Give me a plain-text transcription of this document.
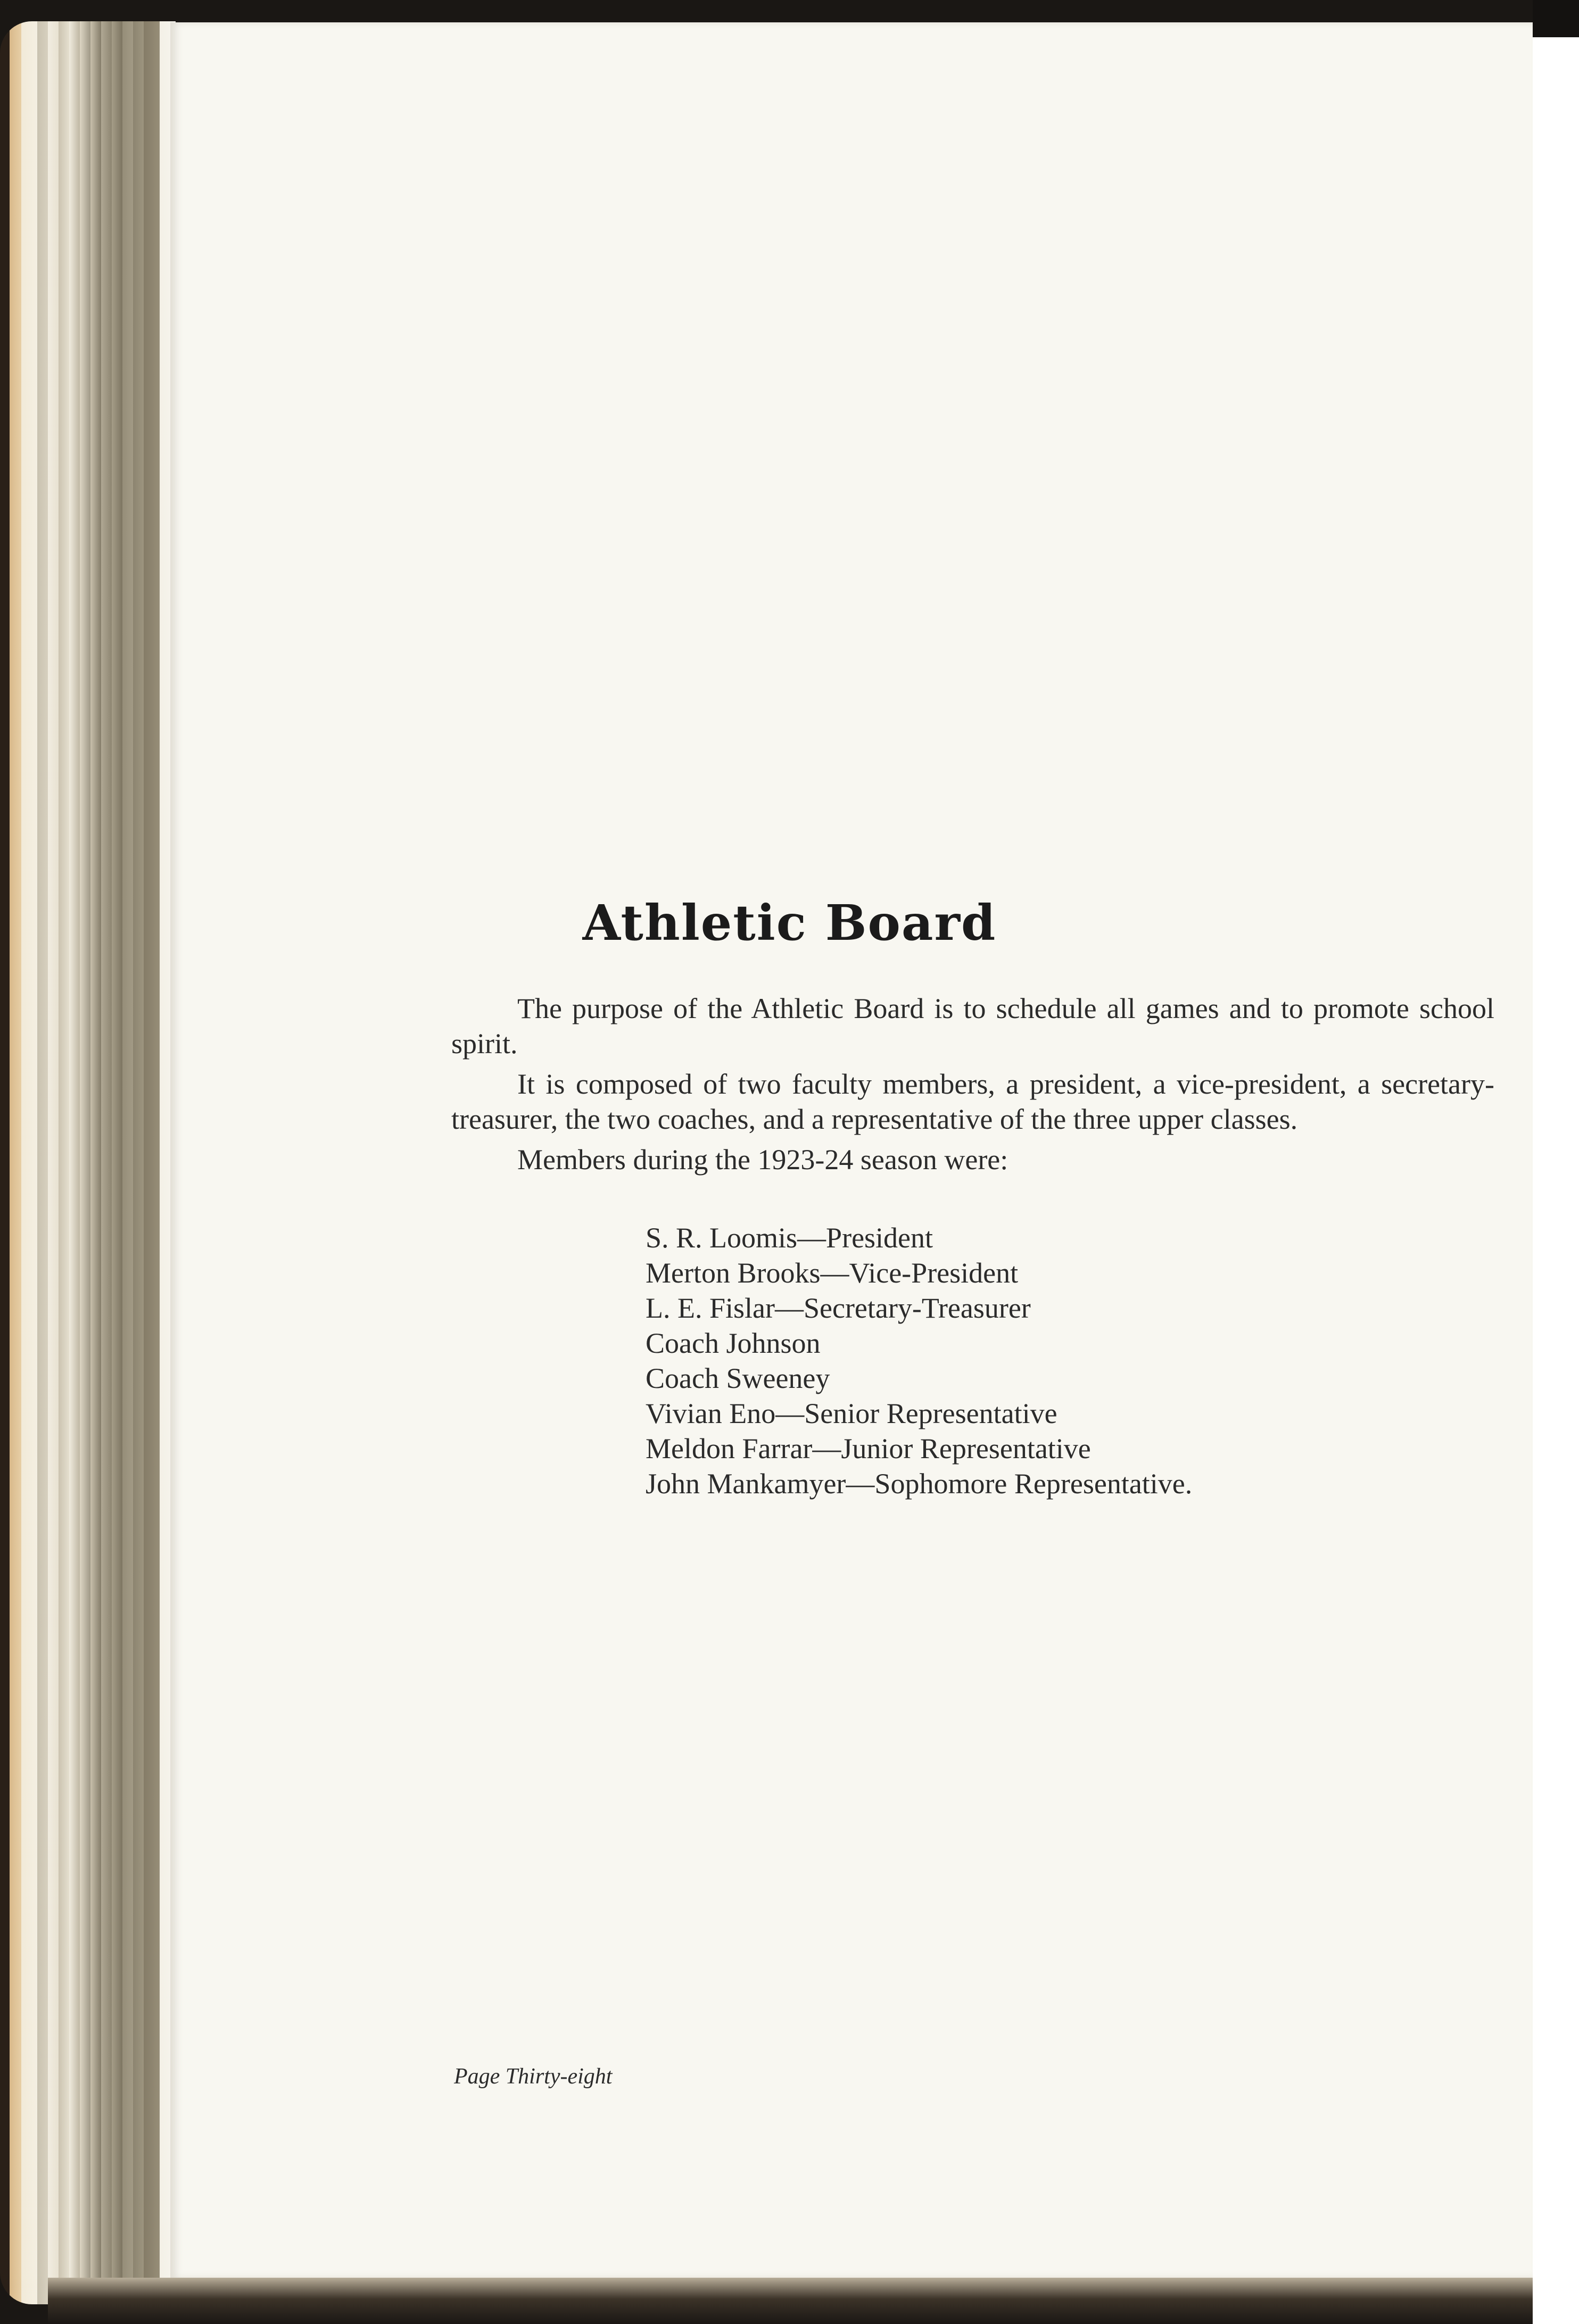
Athletic Board

The purpose of the Athletic Board is to schedule all games and to promote school spirit.

It is composed of two faculty members, a president, a vice-president, a secretary-treasurer, the two coaches, and a representative of the three upper classes.

Members during the 1923-24 season were:

S. R. Loomis—President
Merton Brooks—Vice-President
L. E. Fislar—Secretary-Treasurer
Coach Johnson
Coach Sweeney
Vivian Eno—Senior Representative
Meldon Farrar—Junior Representative
John Mankamyer—Sophomore Representative.
Page Thirty-eight
